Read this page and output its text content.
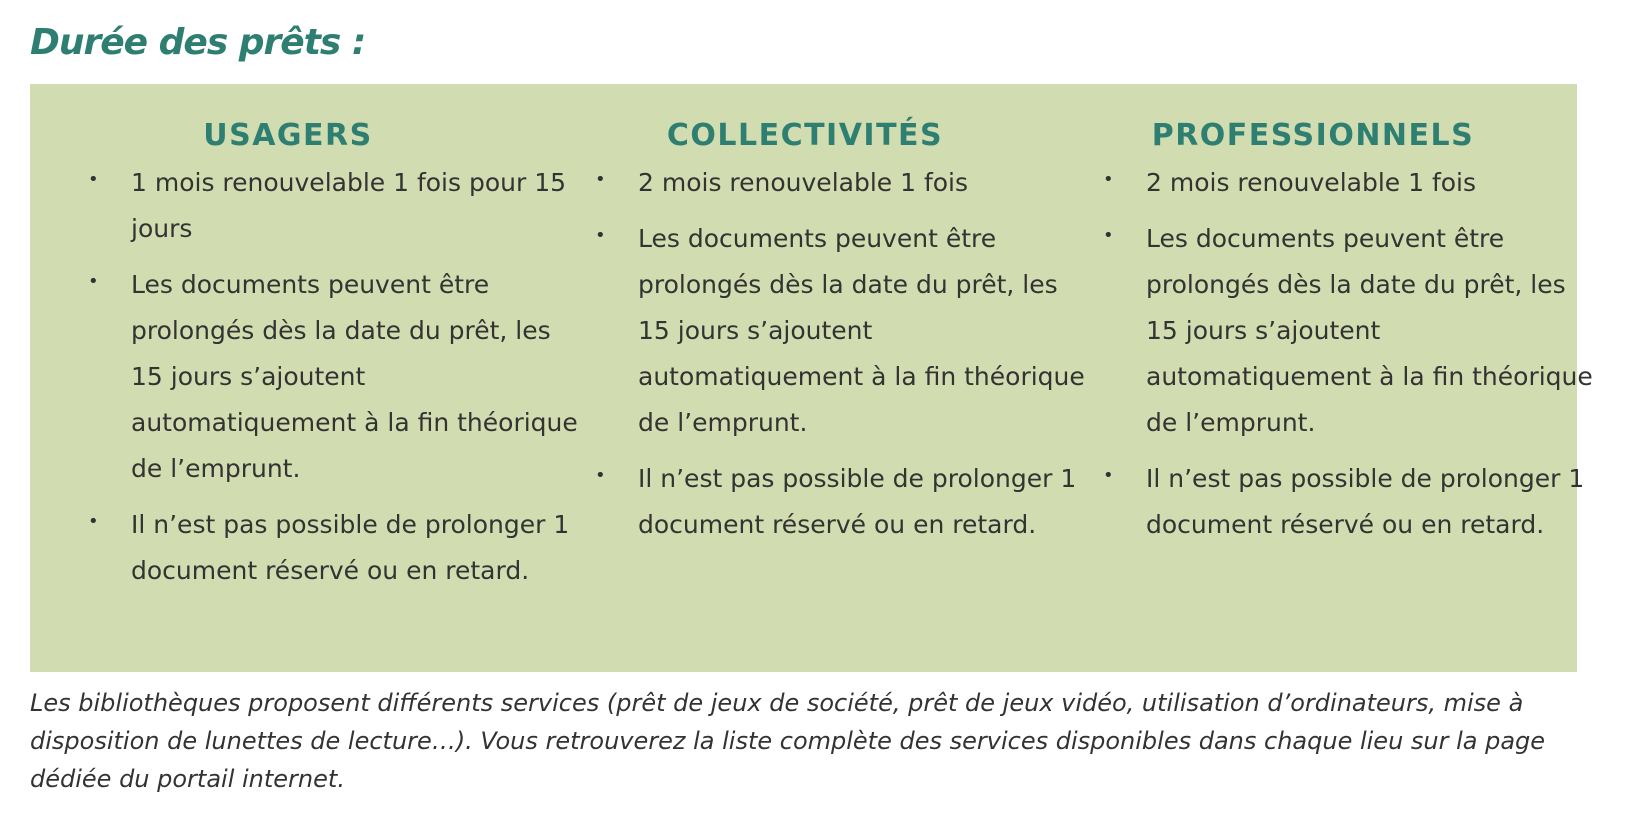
Durée des prêts :
USAGERS
• 1 mois renouvelable 1 fois pour 15 jours
• Les documents peuvent être prolongés dès la date du prêt, les 15 jours s’ajoutent automatiquement à la fin théorique de l’emprunt.
• Il n’est pas possible de prolonger 1 document réservé ou en retard.
COLLECTIVITÉS
• 2 mois renouvelable 1 fois
• Les documents peuvent être prolongés dès la date du prêt, les 15 jours s’ajoutent automatiquement à la fin théorique de l’emprunt.
• Il n’est pas possible de prolonger 1 document réservé ou en retard.
PROFESSIONNELS
• 2 mois renouvelable 1 fois
• Les documents peuvent être prolongés dès la date du prêt, les 15 jours s’ajoutent automatiquement à la fin théorique de l’emprunt.
• Il n’est pas possible de prolonger 1 document réservé ou en retard.

Les bibliothèques proposent différents services (prêt de jeux de société, prêt de jeux vidéo, utilisation d’ordinateurs, mise à disposition de lunettes de lecture…). Vous retrouverez la liste complète des services disponibles dans chaque lieu sur la page dédiée du portail internet.
